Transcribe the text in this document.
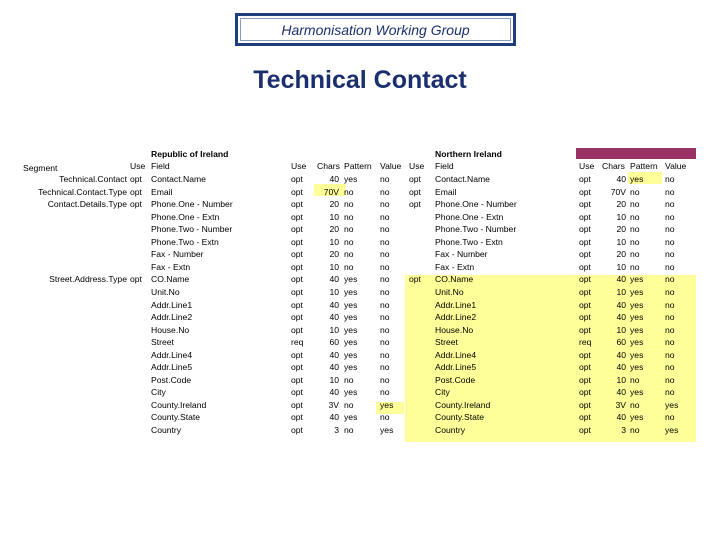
Harmonisation Working Group
Technical Contact
Republic of Ireland	Northern Ireland
Segment	Use Field	Use Chars Pattern Value Use Field	Use Chars Pattern Value
Technical.Contact opt Contact.Name	opt	40 yes	no opt Contact.Name	opt	40 yes	no
Technical.Contact.Type opt Email	opt	70V no	no opt Email	opt	70V no	no
Contact.Details.Type opt Phone.One - Number	opt	20 no	no opt Phone.One - Number	opt	20 no	no
Phone.One - Extn	opt	10 no	no	Phone.One - Extn	opt	10 no	no
Phone.Two - Number	opt	20 no	no	Phone.Two - Number	opt	20 no	no
Phone.Two - Extn	opt	10 no	no	Phone.Two - Extn	opt	10 no	no
Fax - Number	opt	20 no	no	Fax - Number	opt	20 no	no
Fax - Extn	opt	10 no	no	Fax - Extn	opt	10 no	no
Street.Address.Type opt CO.Name	opt	40 yes	no opt CO.Name	opt	40 yes	no
Unit.No	opt	10 yes	no	Unit.No	opt	10 yes	no
Addr.Line1	opt	40 yes	no	Addr.Line1	opt	40 yes	no
Addr.Line2	opt	40 yes	no	Addr.Line2	opt	40 yes	no
House.No	opt	10 yes	no	House.No	opt	10 yes	no
Street	req	60 yes	no	Street	req	60 yes	no
Addr.Line4	opt	40 yes	no	Addr.Line4	opt	40 yes	no
Addr.Line5	opt	40 yes	no	Addr.Line5	opt	40 yes	no
Post.Code	opt	10 no	no	Post.Code	opt	10 no	no
City	opt	40 yes	no	City	opt	40 yes	no
County.Ireland	opt	3V no	yes	County.Ireland	opt	3V no	yes
County.State	opt	40 yes	no	County.State	opt	40 yes	no
Country	opt	3 no	yes	Country	opt	3 no	yes
